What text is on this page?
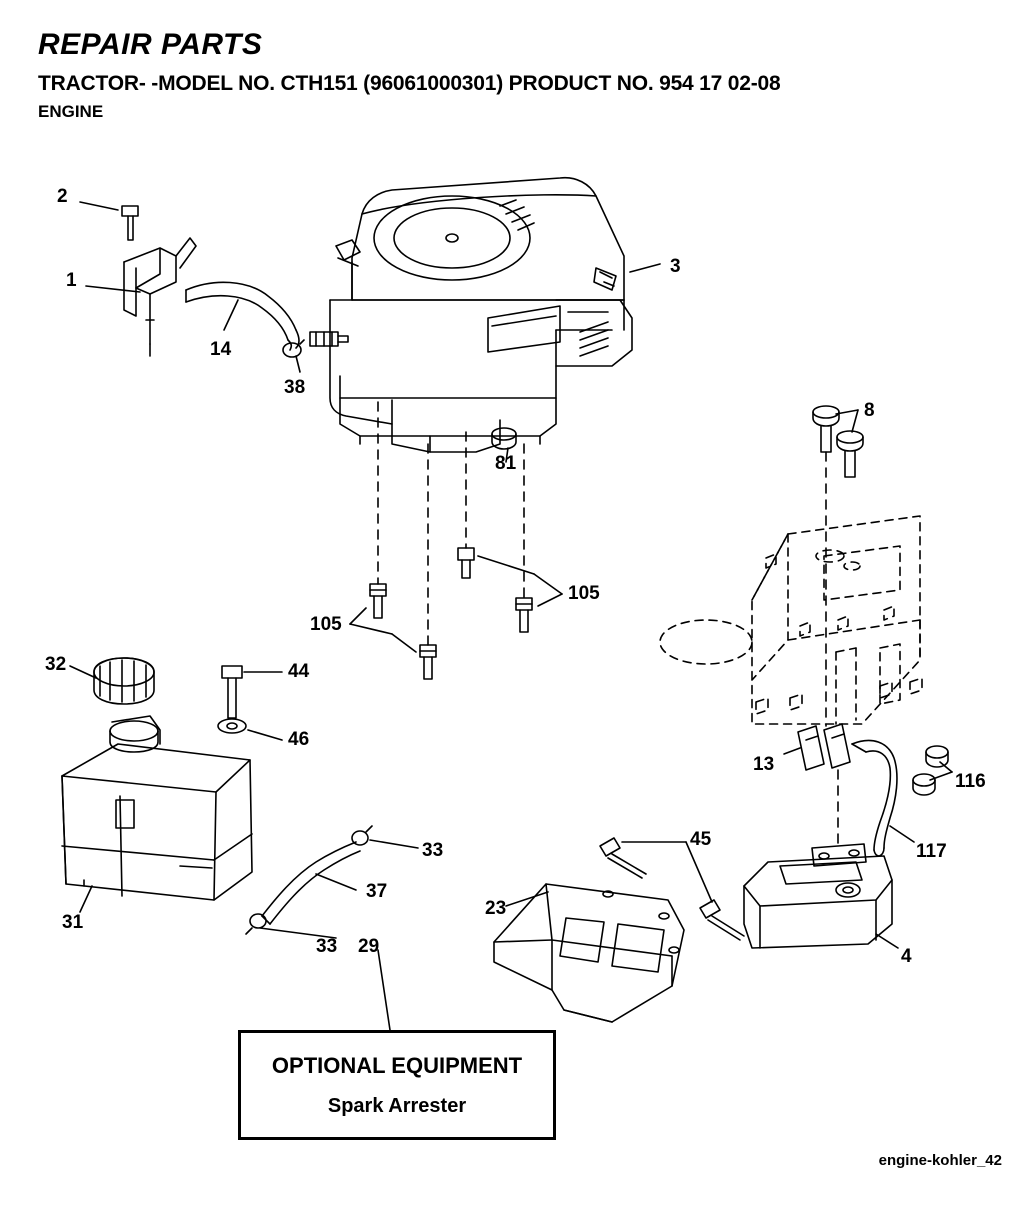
REPAIR PARTS
TRACTOR- -MODEL NO. CTH151 (96061000301) PRODUCT NO. 954 17 02-08
ENGINE
2
1
14
38
3
81
8
105
105
32	44
46
13
116
117
33
37
31
45
23
4
33 29
OPTIONAL EQUIPMENT
Spark Arrester
engine-kohler_42
